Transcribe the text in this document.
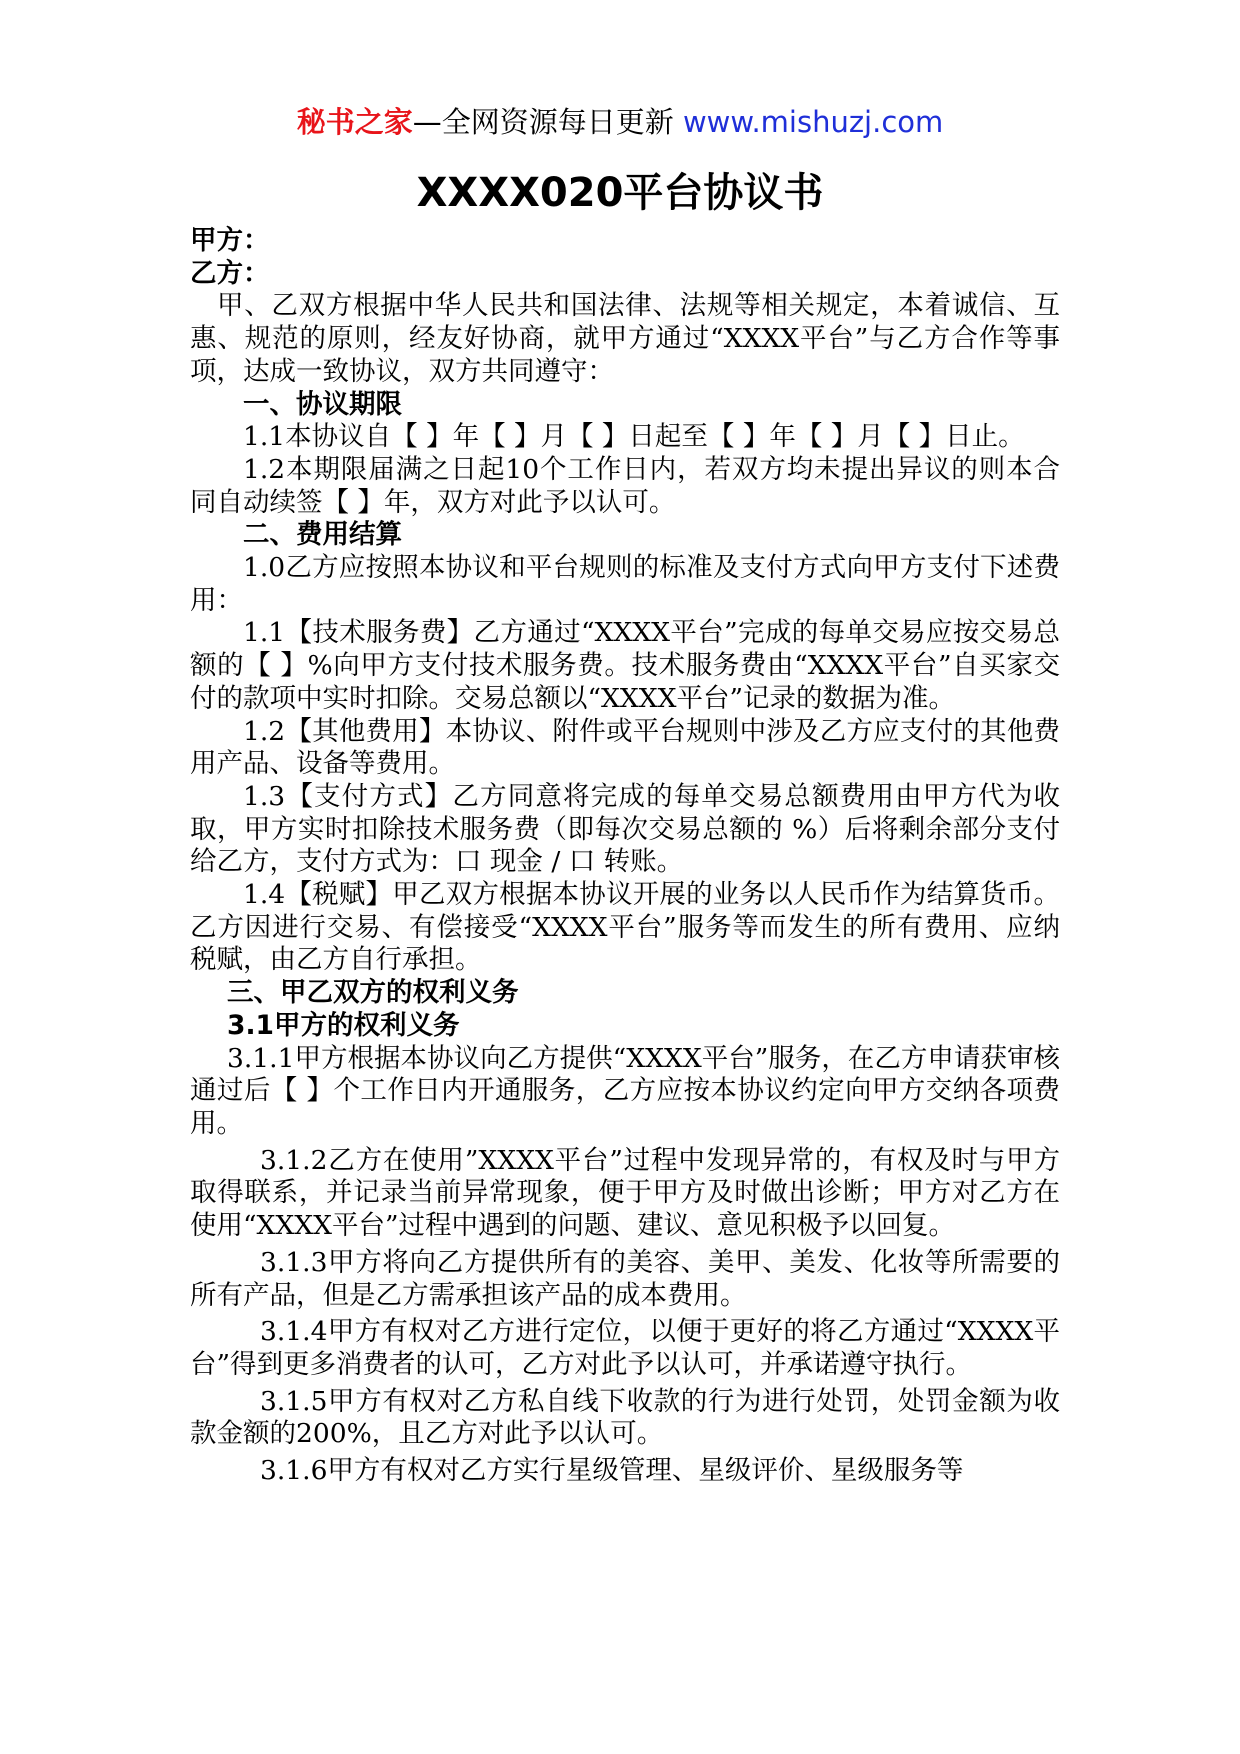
秘书之家—全网资源每日更新 www.mishuzj.com
XXXX020平台协议书

甲方：

乙方：

甲、乙双方根据中华人民共和国法律、法规等相关规定，本着诚信、互惠、规范的原则，经友好协商，就甲方通过“XXXX平台”与乙方合作等事项，达成一致协议，双方共同遵守：

一、协议期限

1.1本协议自【 】年【 】月【 】日起至【 】年【 】月【 】日止。

1.2本期限届满之日起10个工作日内，若双方均未提出异议的则本合同自动续签【 】年，双方对此予以认可。

二、费用结算

1.0乙方应按照本协议和平台规则的标准及支付方式向甲方支付下述费用：

1.1【技术服务费】乙方通过“XXXX平台”完成的每单交易应按交易总额的【 】%向甲方支付技术服务费。技术服务费由“XXXX平台”自买家交付的款项中实时扣除。交易总额以“XXXX平台”记录的数据为准。

1.2【其他费用】本协议、附件或平台规则中涉及乙方应支付的其他费用产品、设备等费用。

1.3【支付方式】乙方同意将完成的每单交易总额费用由甲方代为收取，甲方实时扣除技术服务费（即每次交易总额的 %）后将剩余部分支付给乙方，支付方式为：口 现金 / 口 转账。

1.4【税赋】甲乙双方根据本协议开展的业务以人民币作为结算货币。乙方因进行交易、有偿接受“XXXX平台”服务等而发生的所有费用、应纳税赋，由乙方自行承担。

三、甲乙双方的权利义务

3.1甲方的权利义务

3.1.1甲方根据本协议向乙方提供“XXXX平台”服务，在乙方申请获审核通过后【 】个工作日内开通服务，乙方应按本协议约定向甲方交纳各项费用。

3.1.2乙方在使用”XXXX平台”过程中发现异常的，有权及时与甲方取得联系，并记录当前异常现象，便于甲方及时做出诊断；甲方对乙方在使用“XXXX平台”过程中遇到的问题、建议、意见积极予以回复。

3.1.3甲方将向乙方提供所有的美容、美甲、美发、化妆等所需要的所有产品，但是乙方需承担该产品的成本费用。

3.1.4甲方有权对乙方进行定位，以便于更好的将乙方通过“XXXX平台”得到更多消费者的认可，乙方对此予以认可，并承诺遵守执行。

3.1.5甲方有权对乙方私自线下收款的行为进行处罚，处罚金额为收款金额的200%，且乙方对此予以认可。

3.1.6甲方有权对乙方实行星级管理、星级评价、星级服务等
